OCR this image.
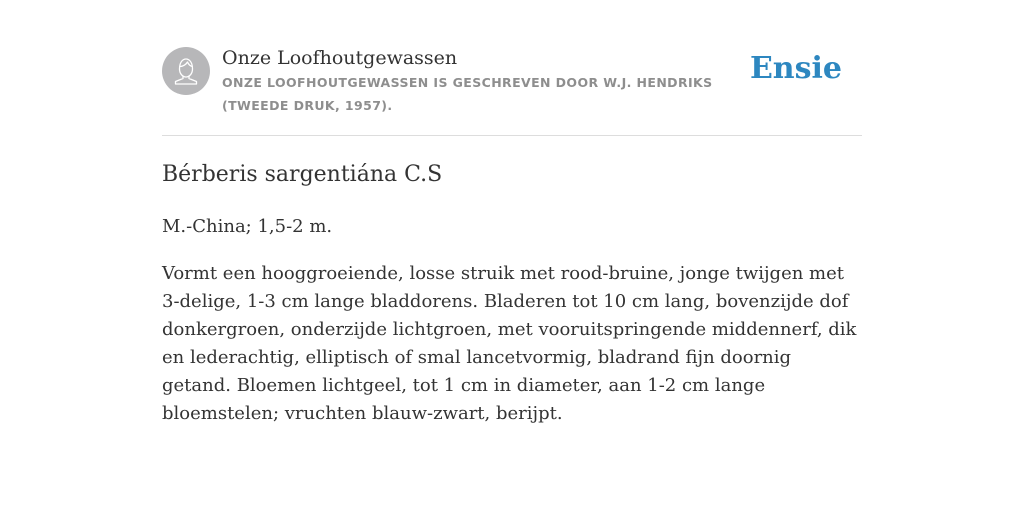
Onze Loofhoutgewassen
ONZE LOOFHOUTGEWASSEN IS GESCHREVEN DOOR W.J. HENDRIKS (TWEEDE DRUK, 1957).
Ensie
Bérberis sargentiána C.S

M.-China; 1,5-2 m.

Vormt een hooggroeiende, losse struik met rood-bruine, jonge twijgen met 3-delige, 1-3 cm lange bladdorens. Bladeren tot 10 cm lang, bovenzijde dof donkergroen, onderzijde lichtgroen, met vooruitspringende middennerf, dik en lederachtig, elliptisch of smal lancetvormig, bladrand fijn doornig getand. Bloemen lichtgeel, tot 1 cm in diameter, aan 1-2 cm lange bloemstelen; vruchten blauw-zwart, berijpt.
